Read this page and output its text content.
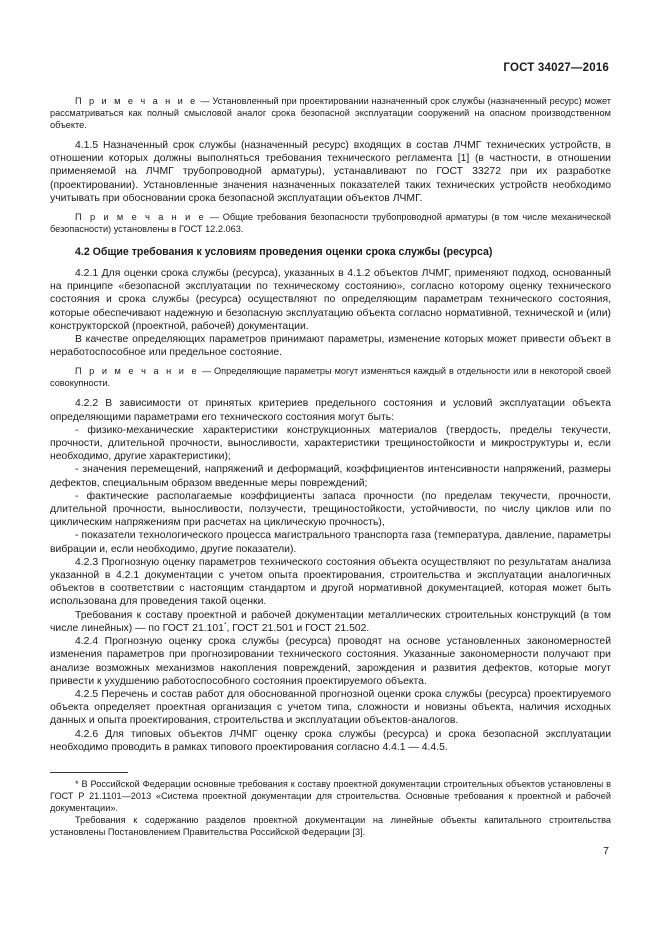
ГОСТ 34027—2016

П р и м е ч а н и е — Установленный при проектировании назначенный срок службы (назначенный ресурс) может рассматриваться как полный смысловой аналог срока безопасной эксплуатации сооружений на опасном производственном объекте.

4.1.5 Назначенный срок службы (назначенный ресурс) входящих в состав ЛЧМГ технических устройств, в отношении которых должны выполняться требования технического регламента [1] (в частности, в отношении применяемой на ЛЧМГ трубопроводной арматуры), устанавливают по ГОСТ 33272 при их разработке (проектировании). Установленные значения назначенных показателей таких технических устройств необходимо учитывать при обосновании срока безопасной эксплуатации объектов ЛЧМГ.

П р и м е ч а н и е — Общие требования безопасности трубопроводной арматуры (в том числе механической безопасности) установлены в ГОСТ 12.2.063.

4.2 Общие требования к условиям проведения оценки срока службы (ресурса)

4.2.1 Для оценки срока службы (ресурса), указанных в 4.1.2 объектов ЛЧМГ, применяют подход, основанный на принципе «безопасной эксплуатации по техническому состоянию», согласно которому оценку технического состояния и срока службы (ресурса) осуществляют по определяющим параметрам технического состояния, которые обеспечивают надежную и безопасную эксплуатацию объекта согласно нормативной, технической и (или) конструкторской (проектной, рабочей) документации.

В качестве определяющих параметров принимают параметры, изменение которых может привести объект в неработоспособное или предельное состояние.

П р и м е ч а н и е — Определяющие параметры могут изменяться каждый в отдельности или в некоторой своей совокупности.

4.2.2 В зависимости от принятых критериев предельного состояния и условий эксплуатации объекта определяющими параметрами его технического состояния могут быть:

- физико-механические характеристики конструкционных материалов (твердость, пределы текучести, прочности, длительной прочности, выносливости, характеристики трещиностойкости и микроструктуры и, если необходимо, другие характеристики);

- значения перемещений, напряжений и деформаций, коэффициентов интенсивности напряжений, размеры дефектов, специальным образом введенные меры повреждений;

- фактические располагаемые коэффициенты запаса прочности (по пределам текучести, прочности, длительной прочности, выносливости, ползучести, трещиностойкости, устойчивости, по числу циклов или по циклическим напряжениям при расчетах на циклическую прочность),

- показатели технологического процесса магистрального транспорта газа (температура, давление, параметры вибрации и, если необходимо, другие показатели).

4.2.3 Прогнозную оценку параметров технического состояния объекта осуществляют по результатам анализа указанной в 4.2.1 документации с учетом опыта проектирования, строительства и эксплуатации аналогичных объектов в соответствии с настоящим стандартом и другой нормативной документацией, которая может быть использована для проведения такой оценки.

Требования к составу проектной и рабочей документации металлических строительных конструкций (в том числе линейных) — по ГОСТ 21.101*, ГОСТ 21.501 и ГОСТ 21.502.

4.2.4 Прогнозную оценку срока службы (ресурса) проводят на основе установленных закономерностей изменения параметров при прогнозировании технического состояния. Указанные закономерности получают при анализе возможных механизмов накопления повреждений, зарождения и развития дефектов, которые могут привести к ухудшению работоспособного состояния проектируемого объекта.

4.2.5 Перечень и состав работ для обоснованной прогнозной оценки срока службы (ресурса) проектируемого объекта определяет проектная организация с учетом типа, сложности и новизны объекта, наличия исходных данных и опыта проектирования, строительства и эксплуатации объектов-аналогов.

4.2.6 Для типовых объектов ЛЧМГ оценку срока службы (ресурса) и срока безопасной эксплуатации необходимо проводить в рамках типового проектирования согласно 4.4.1 — 4.4.5.

* В Российской Федерации основные требования к составу проектной документации строительных объектов установлены в ГОСТ Р 21.1101—2013 «Система проектной документации для строительства. Основные требования к проектной и рабочей документации».

Требования к содержанию разделов проектной документации на линейные объекты капитального строительства установлены Постановлением Правительства Российской Федерации [3].

7
